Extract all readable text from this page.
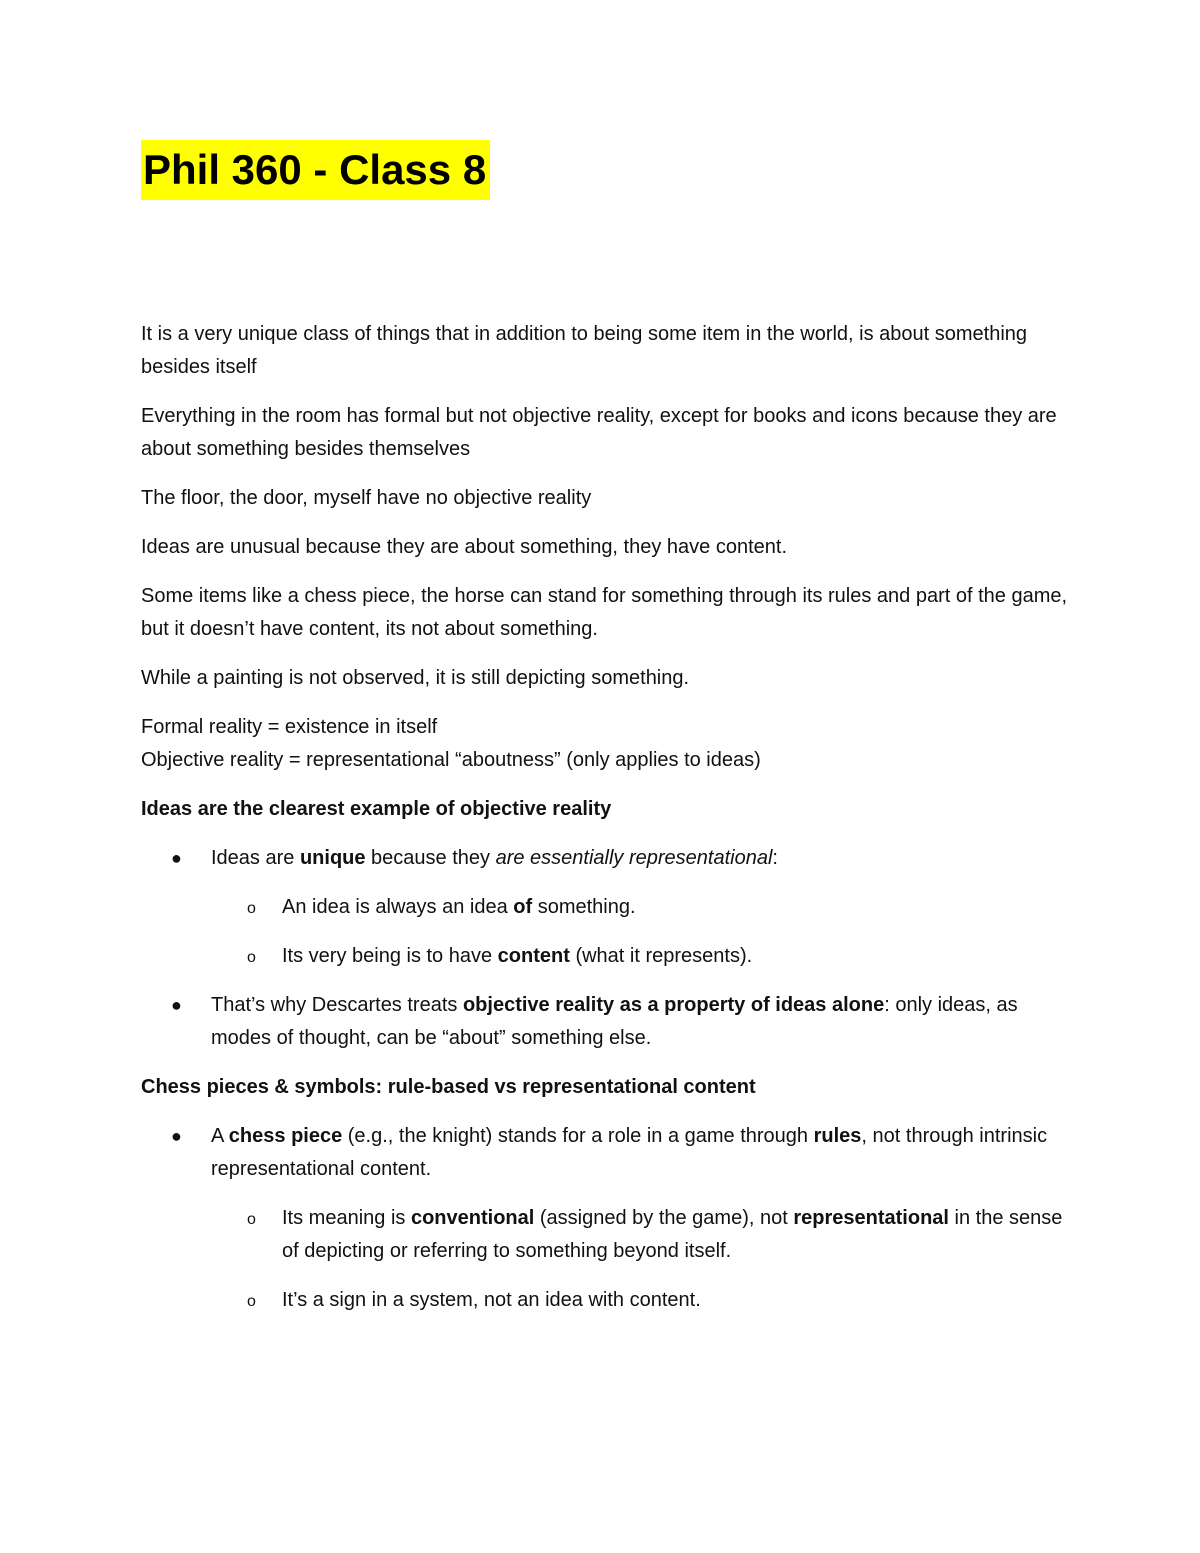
Phil 360 - Class 8

It is a very unique class of things that in addition to being some item in the world, is about something besides itself

Everything in the room has formal but not objective reality, except for books and icons because they are about something besides themselves

The floor, the door, myself have no objective reality

Ideas are unusual because they are about something, they have content.

Some items like a chess piece, the horse can stand for something through its rules and part of the game, but it doesn’t have content, its not about something.

While a painting is not observed, it is still depicting something.

Formal reality = existence in itself

Objective reality = representational “aboutness” (only applies to ideas)

Ideas are the clearest example of objective reality

●	Ideas are unique because they are essentially representational:
o An idea is always an idea of something.
o Its very being is to have content (what it represents).
●	That’s why Descartes treats objective reality as a property of ideas alone: only ideas, as modes of thought, can be “about” something else.

Chess pieces & symbols: rule-based vs representational content

●	A chess piece (e.g., the knight) stands for a role in a game through rules, not through intrinsic representational content.
o Its meaning is conventional (assigned by the game), not representational in the sense of depicting or referring to something beyond itself.
o It’s a sign in a system, not an idea with content.
